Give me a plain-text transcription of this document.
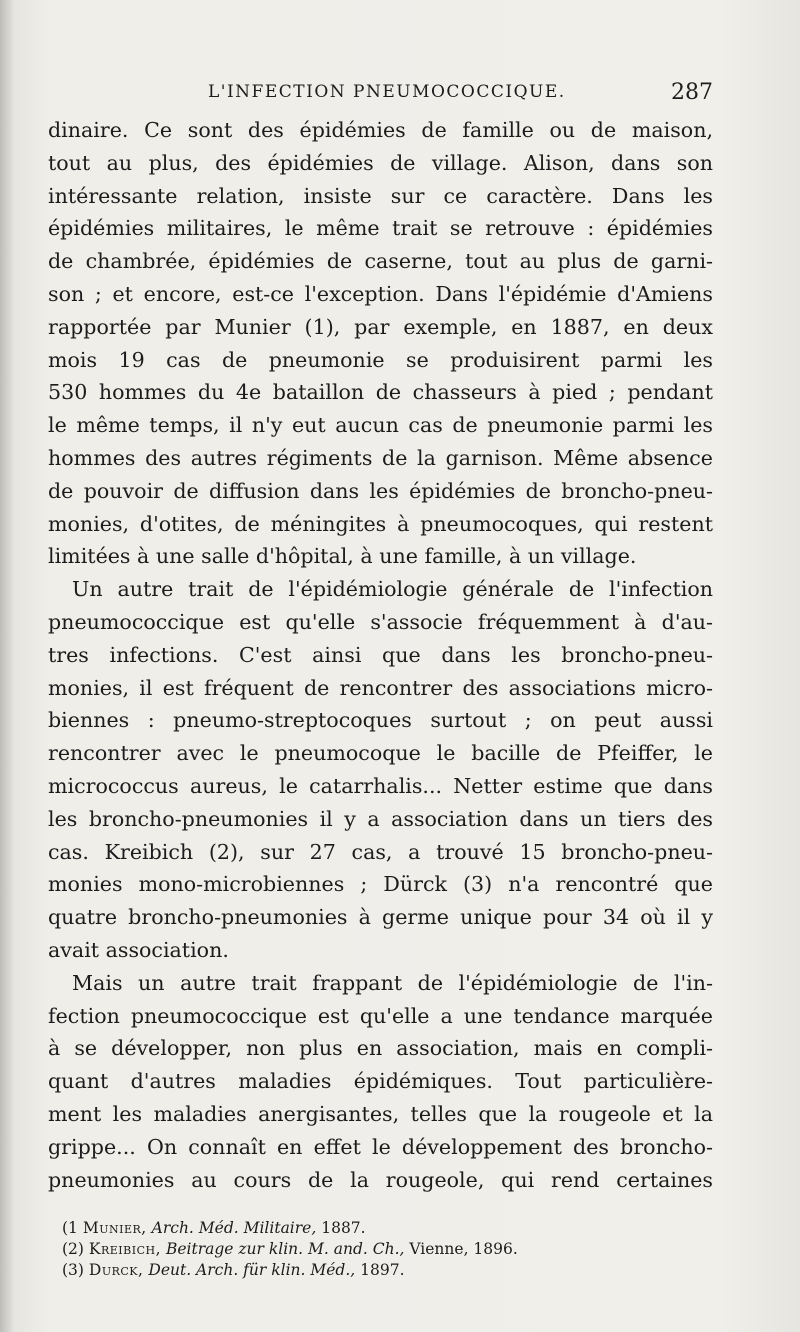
L'INFECTION PNEUMOCOCCIQUE.	287
dinaire. Ce sont des épidémies de famille ou de maison,
tout au plus, des épidémies de village. Alison, dans son
intéressante relation, insiste sur ce caractère. Dans les
épidémies militaires, le même trait se retrouve : épidémies
de chambrée, épidémies de caserne, tout au plus de garni-
son ; et encore, est-ce l'exception. Dans l'épidémie d'Amiens
rapportée par Munier (1), par exemple, en 1887, en deux
mois 19 cas de pneumonie se produisirent parmi les
530 hommes du 4e bataillon de chasseurs à pied ; pendant
le même temps, il n'y eut aucun cas de pneumonie parmi les
hommes des autres régiments de la garnison. Même absence
de pouvoir de diffusion dans les épidémies de broncho-pneu-
monies, d'otites, de méningites à pneumocoques, qui restent
limitées à une salle d'hôpital, à une famille, à un village.
Un autre trait de l'épidémiologie générale de l'infection
pneumococcique est qu'elle s'associe fréquemment à d'au-
tres infections. C'est ainsi que dans les broncho-pneu-
monies, il est fréquent de rencontrer des associations micro-
biennes : pneumo-streptocoques surtout ; on peut aussi
rencontrer avec le pneumocoque le bacille de Pfeiffer, le
micrococcus aureus, le catarrhalis... Netter estime que dans
les broncho-pneumonies il y a association dans un tiers des
cas. Kreibich (2), sur 27 cas, a trouvé 15 broncho-pneu-
monies mono-microbiennes ; Dürck (3) n'a rencontré que
quatre broncho-pneumonies à germe unique pour 34 où il y
avait association.
Mais un autre trait frappant de l'épidémiologie de l'in-
fection pneumococcique est qu'elle a une tendance marquée
à se développer, non plus en association, mais en compli-
quant d'autres maladies épidémiques. Tout particulière-
ment les maladies anergisantes, telles que la rougeole et la
grippe... On connaît en effet le développement des broncho-
pneumonies au cours de la rougeole, qui rend certaines
(1 Munier, Arch. Méd. Militaire, 1887.
(2) Kreibich, Beitrage zur klin. M. and. Ch., Vienne, 1896.
(3) Durck, Deut. Arch. für klin. Méd., 1897.
